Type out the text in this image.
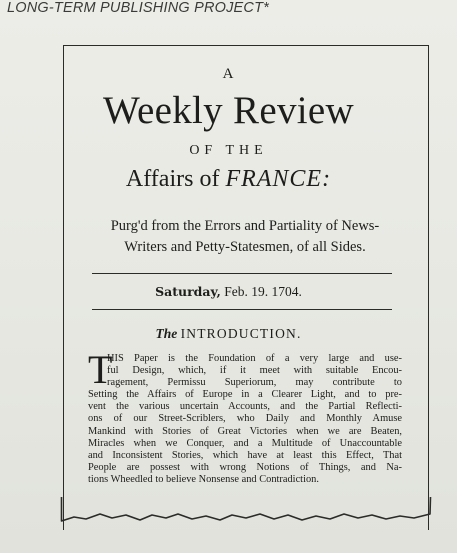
LONG-TERM PUBLISHING PROJECT*
A
Weekly Review
OF THE
Affairs of FRANCE:
Purg'd from the Errors and Partiality of News-
Writers and Petty-Statesmen, of all Sides.
Saturday, Feb. 19. 1704.
The INTRODUCTION.
T
HIS Paper is the Foundation of a very large and use-
ful Design, which, if it meet with suitable Encou-
ragement, Permissu Superiorum, may contribute to
Setting the Affairs of Europe in a Clearer Light, and to pre-
vent the various uncertain Accounts, and the Partial Reflecti-
ons of our Street-Scriblers, who Daily and Monthly Amuse
Mankind with Stories of Great Victories when we are Beaten,
Miracles when we Conquer, and a Multitude of Unaccountable
and Inconsistent Stories, which have at least this Effect, That
People are possest with wrong Notions of Things, and Na-
tions Wheedled to believe Nonsense and Contradiction.
